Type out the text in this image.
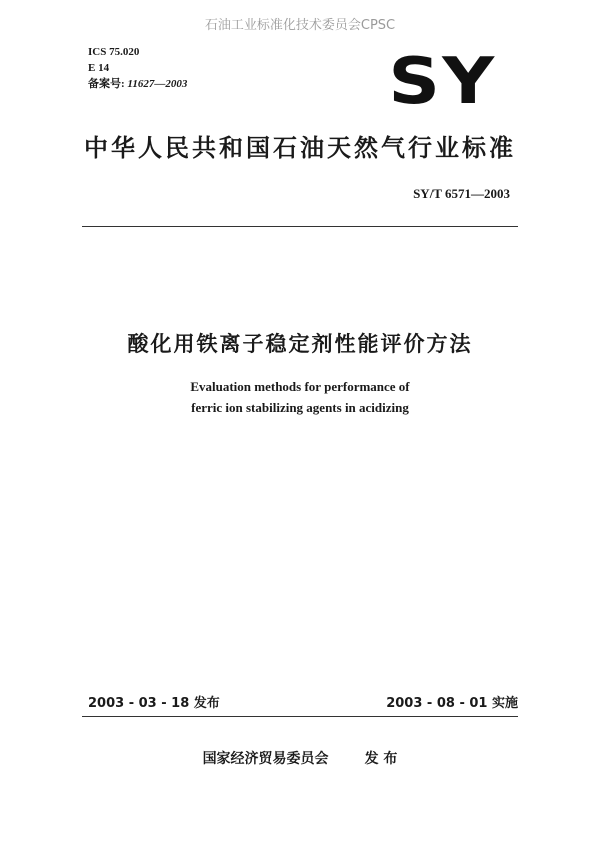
石油工业标准化技术委员会CPSC
ICS 75.020
E 14
备案号: 11627—2003	SY
中华人民共和国石油天然气行业标准
SY/T 6571—2003
酸化用铁离子稳定剂性能评价方法
Evaluation methods for performance of
ferric ion stabilizing agents in acidizing
2003 - 03 - 18 发布	2003 - 08 - 01 实施
国家经济贸易委员会	发 布
